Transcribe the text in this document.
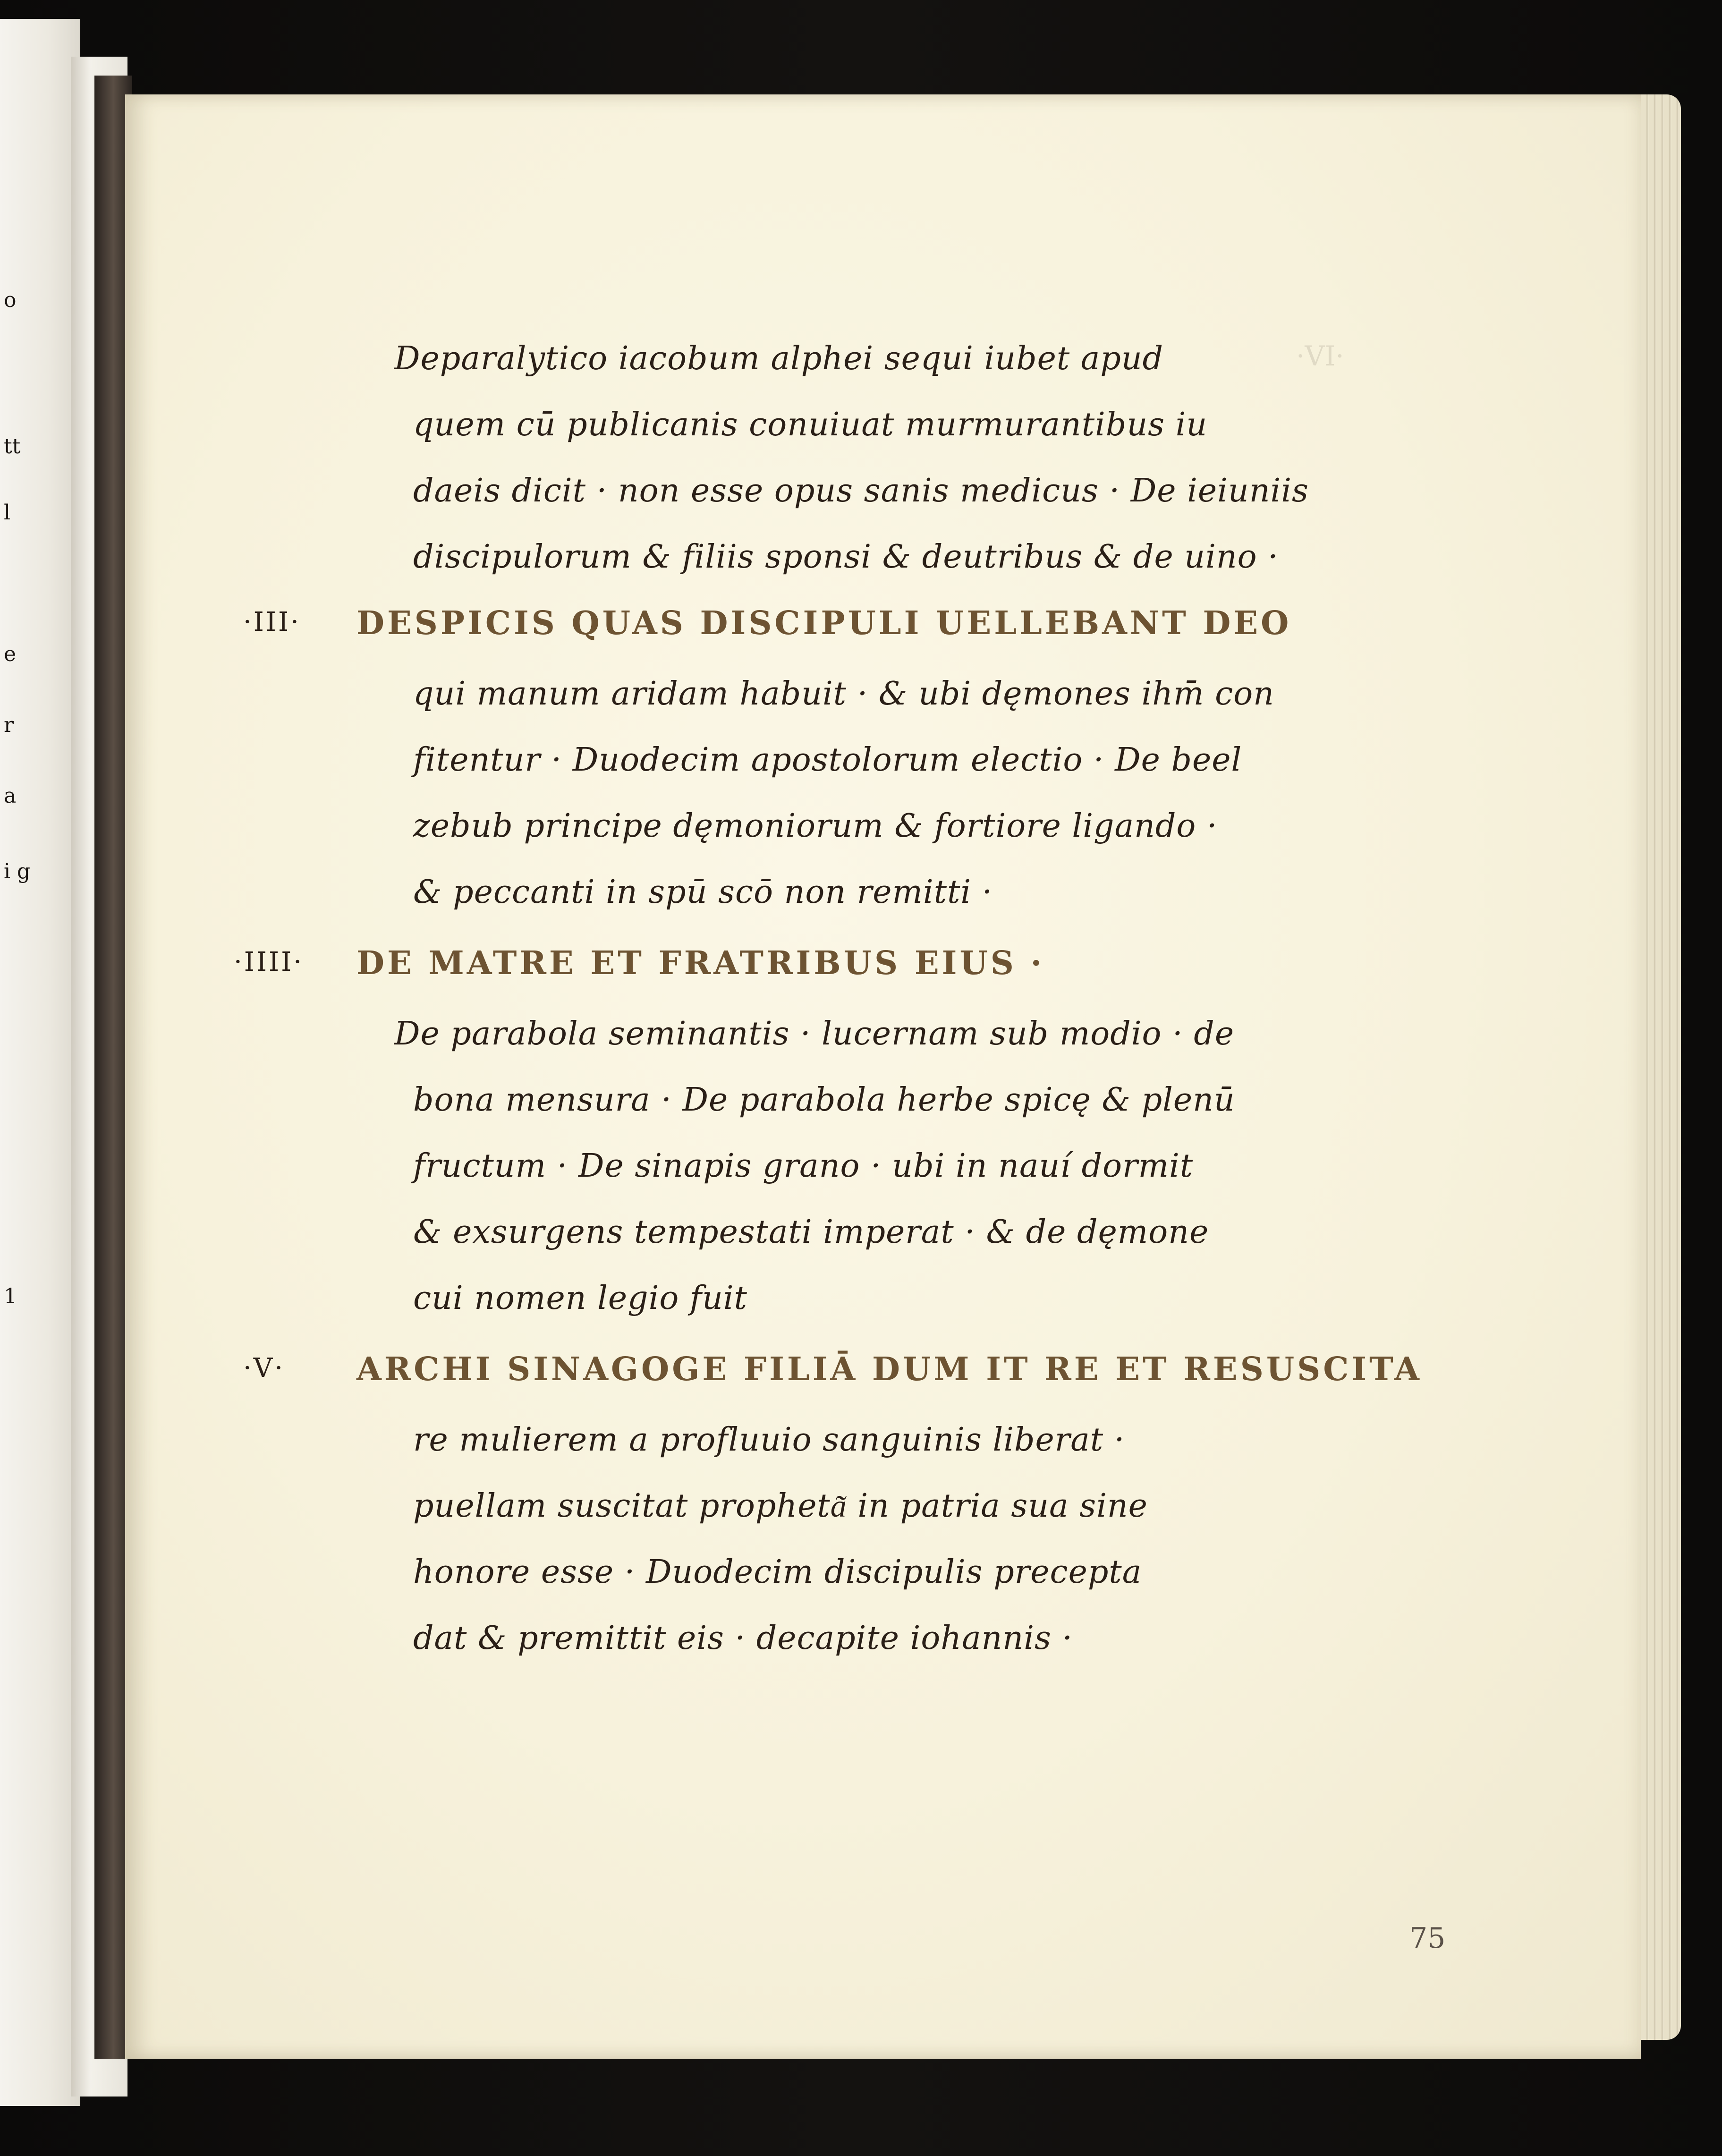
o
tt
l
e
r
a
i g
1
·VI·
Deparalytico iacobum alphei sequi iubet apud
quem cū publicanis conuiuat murmurantibus iu
daeis dicit · non esse opus sanis medicus · De ieiuniis
discipulorum & filiis sponsi & deutribus & de uino ·
·III· DESPICIS QUAS DISCIPULI UELLEBANT DEO
qui manum aridam habuit · & ubi dęmones ihm̄ con
fitentur · Duodecim apostolorum electio · De beel
zebub principe dęmoniorum & fortiore ligando ·
& peccanti in spū scō non remitti ·
·IIII· DE MATRE ET FRATRIBUS EIUS ·
De parabola seminantis · lucernam sub modio · de
bona mensura · De parabola herbe spicę & plenū
fructum · De sinapis grano · ubi in nauí dormit
& exsurgens tempestati imperat · & de dęmone
cui nomen legio fuit
·V· ARCHI SINAGOGE FILIĀ DUM IT RE ET RESUSCITA
re mulierem a profluuio sanguinis liberat ·
puellam suscitat propheta͂ in patria sua sine
honore esse · Duodecim discipulis precepta
dat & premittit eis · decapite iohannis ·
75
